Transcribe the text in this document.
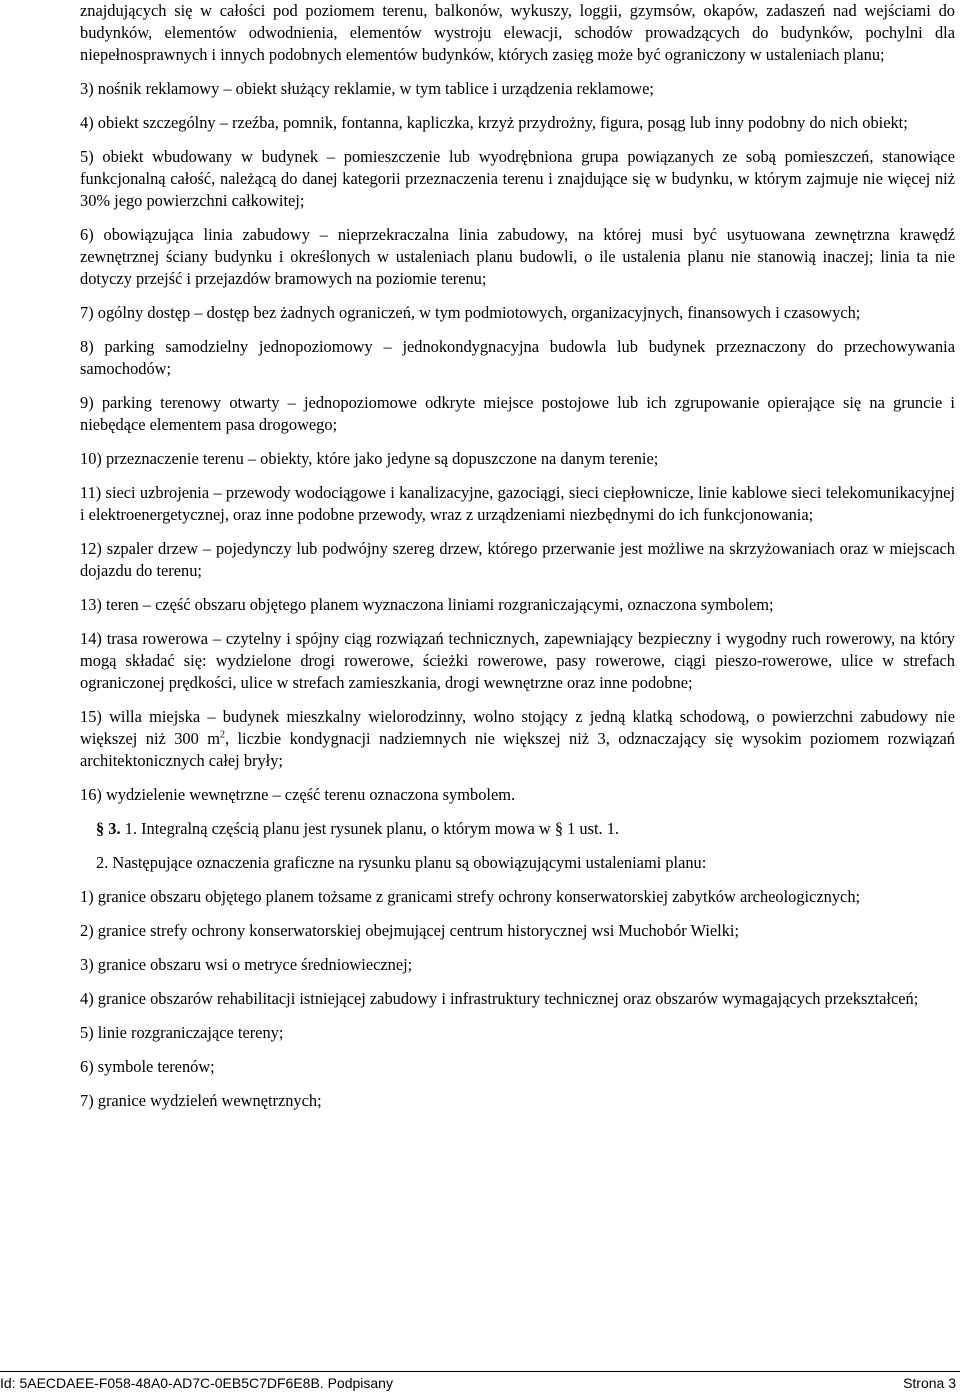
znajdujących się w całości pod poziomem terenu, balkonów, wykuszy, loggii, gzymsów, okapów, zadaszeń nad wejściami do budynków, elementów odwodnienia, elementów wystroju elewacji, schodów prowadzących do budynków, pochylni dla niepełnosprawnych i innych podobnych elementów budynków, których zasięg może być ograniczony w ustaleniach planu;
3) nośnik reklamowy – obiekt służący reklamie, w tym tablice i urządzenia reklamowe;
4) obiekt szczególny – rzeźba, pomnik, fontanna, kapliczka, krzyż przydrożny, figura, posąg lub inny podobny do nich obiekt;
5) obiekt wbudowany w budynek – pomieszczenie lub wyodrębniona grupa powiązanych ze sobą pomieszczeń, stanowiące funkcjonalną całość, należącą do danej kategorii przeznaczenia terenu i znajdujące się w budynku, w którym zajmuje nie więcej niż 30% jego powierzchni całkowitej;
6) obowiązująca linia zabudowy – nieprzekraczalna linia zabudowy, na której musi być usytuowana zewnętrzna krawędź zewnętrznej ściany budynku i określonych w ustaleniach planu budowli, o ile ustalenia planu nie stanowią inaczej; linia ta nie dotyczy przejść i przejazdów bramowych na poziomie terenu;
7) ogólny dostęp – dostęp bez żadnych ograniczeń, w tym podmiotowych, organizacyjnych, finansowych i czasowych;
8) parking samodzielny jednopoziomowy – jednokondygnacyjna budowla lub budynek przeznaczony do przechowywania samochodów;
9) parking terenowy otwarty – jednopoziomowe odkryte miejsce postojowe lub ich zgrupowanie opierające się na gruncie i niebędące elementem pasa drogowego;
10) przeznaczenie terenu – obiekty, które jako jedyne są dopuszczone na danym terenie;
11) sieci uzbrojenia – przewody wodociągowe i kanalizacyjne, gazociągi, sieci ciepłownicze, linie kablowe sieci telekomunikacyjnej i elektroenergetycznej, oraz inne podobne przewody, wraz z urządzeniami niezbędnymi do ich funkcjonowania;
12) szpaler drzew – pojedynczy lub podwójny szereg drzew, którego przerwanie jest możliwe na skrzyżowaniach oraz w miejscach dojazdu do terenu;
13) teren – część obszaru objętego planem wyznaczona liniami rozgraniczającymi, oznaczona symbolem;
14) trasa rowerowa – czytelny i spójny ciąg rozwiązań technicznych, zapewniający bezpieczny i wygodny ruch rowerowy, na który mogą składać się: wydzielone drogi rowerowe, ścieżki rowerowe, pasy rowerowe, ciągi pieszo-rowerowe, ulice w strefach ograniczonej prędkości, ulice w strefach zamieszkania, drogi wewnętrzne oraz inne podobne;
15) willa miejska – budynek mieszkalny wielorodzinny, wolno stojący z jedną klatką schodową, o powierzchni zabudowy nie większej niż 300 $m^2$, liczbie kondygnacji nadziemnych nie większej niż 3, odznaczający się wysokim poziomem rozwiązań architektonicznych całej bryły;
16) wydzielenie wewnętrzne – część terenu oznaczona symbolem.
§ 3. 1. Integralną częścią planu jest rysunek planu, o którym mowa w § 1 ust. 1.
2. Następujące oznaczenia graficzne na rysunku planu są obowiązującymi ustaleniami planu:
1) granice obszaru objętego planem tożsame z granicami strefy ochrony konserwatorskiej zabytków archeologicznych;
2) granice strefy ochrony konserwatorskiej obejmującej centrum historycznej wsi Muchobór Wielki;
3) granice obszaru wsi o metryce średniowiecznej;
4) granice obszarów rehabilitacji istniejącej zabudowy i infrastruktury technicznej oraz obszarów wymagających przekształceń;
5) linie rozgraniczające tereny;
6) symbole terenów;
7) granice wydzieleń wewnętrznych;
Id: 5AECDAEE-F058-48A0-AD7C-0EB5C7DF6E8B. Podpisany	Strona 3
